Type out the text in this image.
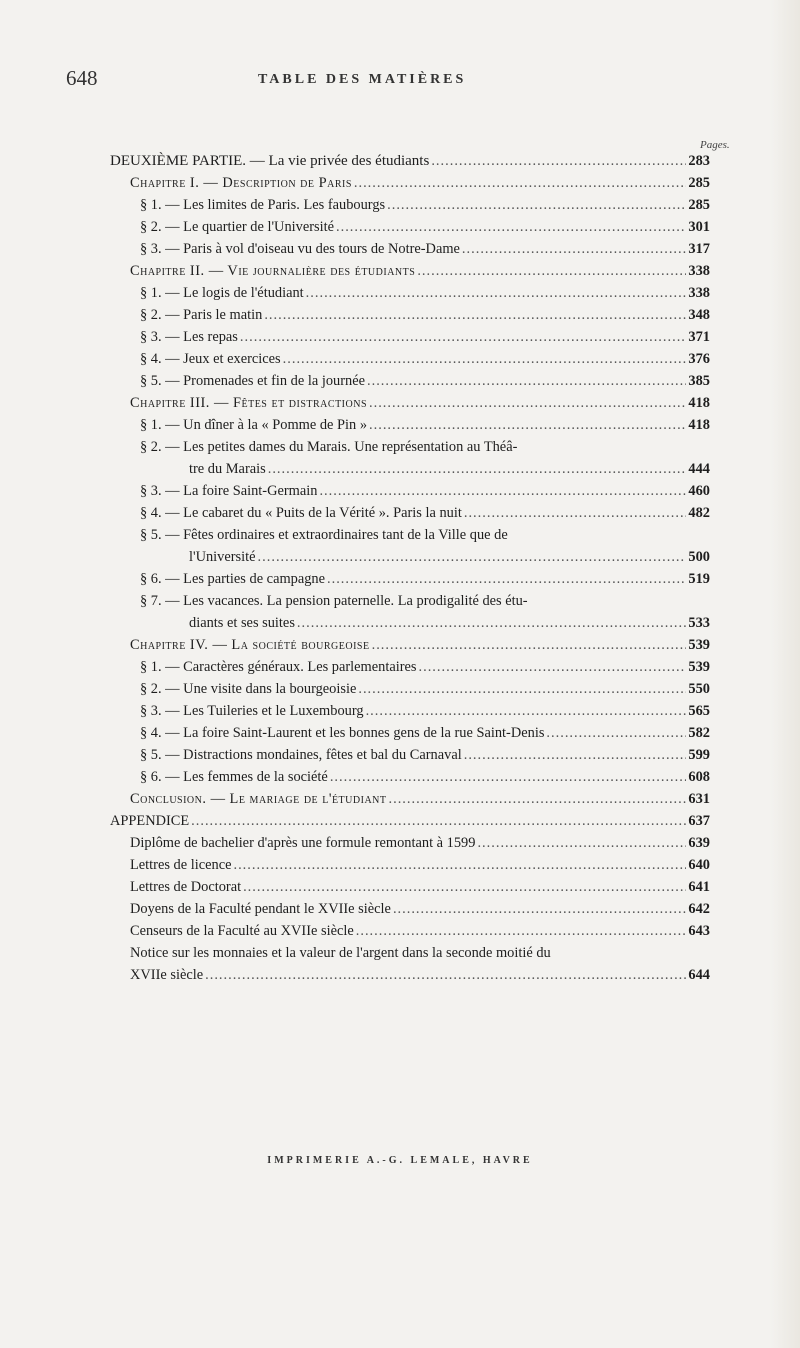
648	TABLE DES MATIÈRES
Pages.
DEUXIÈME PARTIE. — La vie privée des étudiants .....	283
Chapitre I. — Description de Paris .....	285
§ 1. — Les limites de Paris. Les faubourgs .....	285
§ 2. — Le quartier de l'Université .....	301
§ 3. — Paris à vol d'oiseau vu des tours de Notre-Dame .....	317
Chapitre II. — Vie journalière des étudiants .....	338
§ 1. — Le logis de l'étudiant .....	338
§ 2. — Paris le matin .....	348
§ 3. — Les repas .....	371
§ 4. — Jeux et exercices .....	376
§ 5. — Promenades et fin de la journée .....	385
Chapitre III. — Fêtes et distractions .....	418
§ 1. — Un dîner à la « Pomme de Pin » .....	418
§ 2. — Les petites dames du Marais. Une représentation au Théâ-
tre du Marais .....	444
§ 3. — La foire Saint-Germain .....	460
§ 4. — Le cabaret du « Puits de la Vérité ». Paris la nuit .....	482
§ 5. — Fêtes ordinaires et extraordinaires tant de la Ville que de
l'Université .....	500
§ 6. — Les parties de campagne .....	519
§ 7. — Les vacances. La pension paternelle. La prodigalité des étu-
diants et ses suites .....	533
Chapitre IV. — La société bourgeoise .....	539
§ 1. — Caractères généraux. Les parlementaires .....	539
§ 2. — Une visite dans la bourgeoisie .....	550
§ 3. — Les Tuileries et le Luxembourg .....	565
§ 4. — La foire Saint-Laurent et les bonnes gens de la rue Saint-Denis .....	582
§ 5. — Distractions mondaines, fêtes et bal du Carnaval .....	599
§ 6. — Les femmes de la société .....	608
Conclusion. — Le mariage de l'étudiant .....	631
APPENDICE .....	637
Diplôme de bachelier d'après une formule remontant à 1599 .....	639
Lettres de licence .....	640
Lettres de Doctorat .....	641
Doyens de la Faculté pendant le XVIIe siècle .....	642
Censeurs de la Faculté au XVIIe siècle .....	643
Notice sur les monnaies et la valeur de l'argent dans la seconde moitié du
XVIIe siècle .....	644
IMPRIMERIE A.-G. LEMALE, HAVRE
